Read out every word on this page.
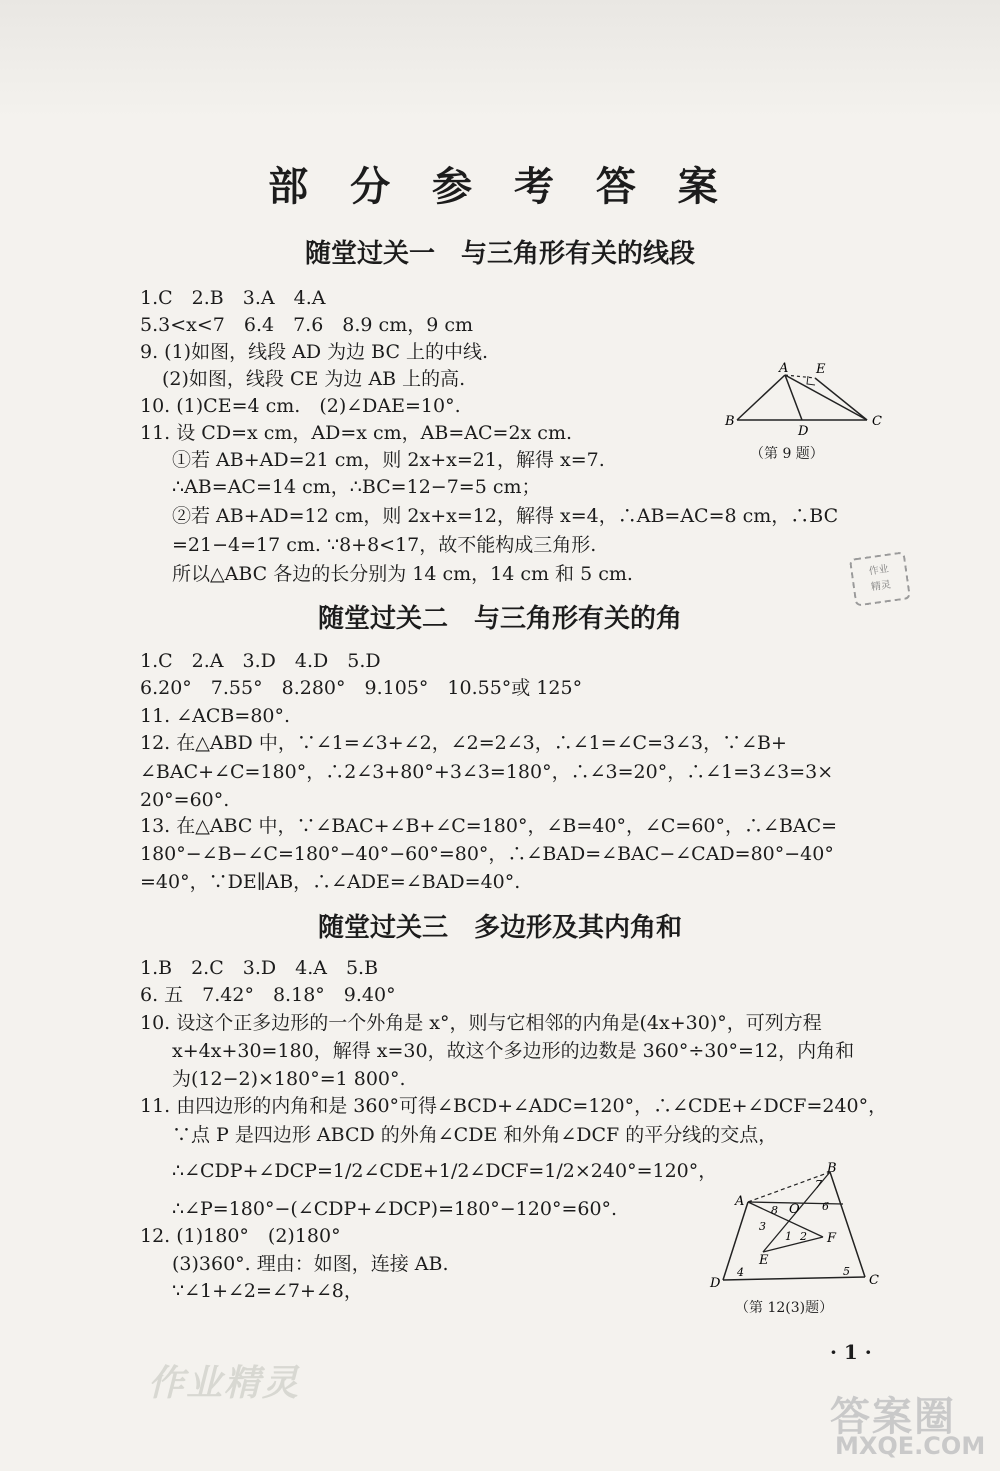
部 分 参 考 答 案
随堂过关一　与三角形有关的线段
1.C　2.B　3.A　4.A
5.3<x<7　6.4　7.6　8.9 cm，9 cm
9. (1)如图，线段 AD 为边 BC 上的中线.
(2)如图，线段 CE 为边 AB 上的高.
10. (1)CE=4 cm.　(2)∠DAE=10°.
11. 设 CD=x cm，AD=x cm，AB=AC=2x cm.
①若 AB+AD=21 cm，则 2x+x=21，解得 x=7.
∴AB=AC=14 cm，∴BC=12−7=5 cm；
②若 AB+AD=12 cm，则 2x+x=12，解得 x=4，∴AB=AC=8 cm，∴BC
=21−4=17 cm. ∵8+8<17，故不能构成三角形.
所以△ABC 各边的长分别为 14 cm，14 cm 和 5 cm.
B
A E
C
D
（第 9 题）
作业
精灵
随堂过关二　与三角形有关的角
1.C　2.A　3.D　4.D　5.D
6.20°　7.55°　8.280°　9.105°　10.55°或 125°
11. ∠ACB=80°.
12. 在△ABD 中，∵∠1=∠3+∠2，∠2=2∠3，∴∠1=∠C=3∠3，∵∠B+
∠BAC+∠C=180°，∴2∠3+80°+3∠3=180°，∴∠3=20°，∴∠1=3∠3=3×
20°=60°.
13. 在△ABC 中，∵∠BAC+∠B+∠C=180°，∠B=40°，∠C=60°，∴∠BAC=
180°−∠B−∠C=180°−40°−60°=80°，∴∠BAD=∠BAC−∠CAD=80°−40°
=40°，∵DE∥AB，∴∠ADE=∠BAD=40°.
随堂过关三　多边形及其内角和
1.B　2.C　3.D　4.A　5.B
6. 五　7.42°　8.18°　9.40°
10. 设这个正多边形的一个外角是 x°，则与它相邻的内角是(4x+30)°，可列方程
x+4x+30=180，解得 x=30，故这个多边形的边数是 360°÷30°=12，内角和
为(12−2)×180°=1 800°.
11. 由四边形的内角和是 360°可得∠BCD+∠ADC=120°，∴∠CDE+∠DCF=240°，
∵点 P 是四边形 ABCD 的外角∠CDE 和外角∠DCF 的平分线的交点，
∴∠CDP+∠DCP=1/2∠CDE+1/2∠DCF=1/2×240°=120°，
∴∠P=180°−(∠CDP+∠DCP)=180°−120°=60°.
12. (1)180°　(2)180°
(3)360°. 理由：如图，连接 AB.
∵∠1+∠2=∠7+∠8，
A
B
C
D
E
F
O
1 2
3
4	5
6
7
8
（第 12(3)题）
· 1 ·
作业精灵
答案圈
MXQE.COM
